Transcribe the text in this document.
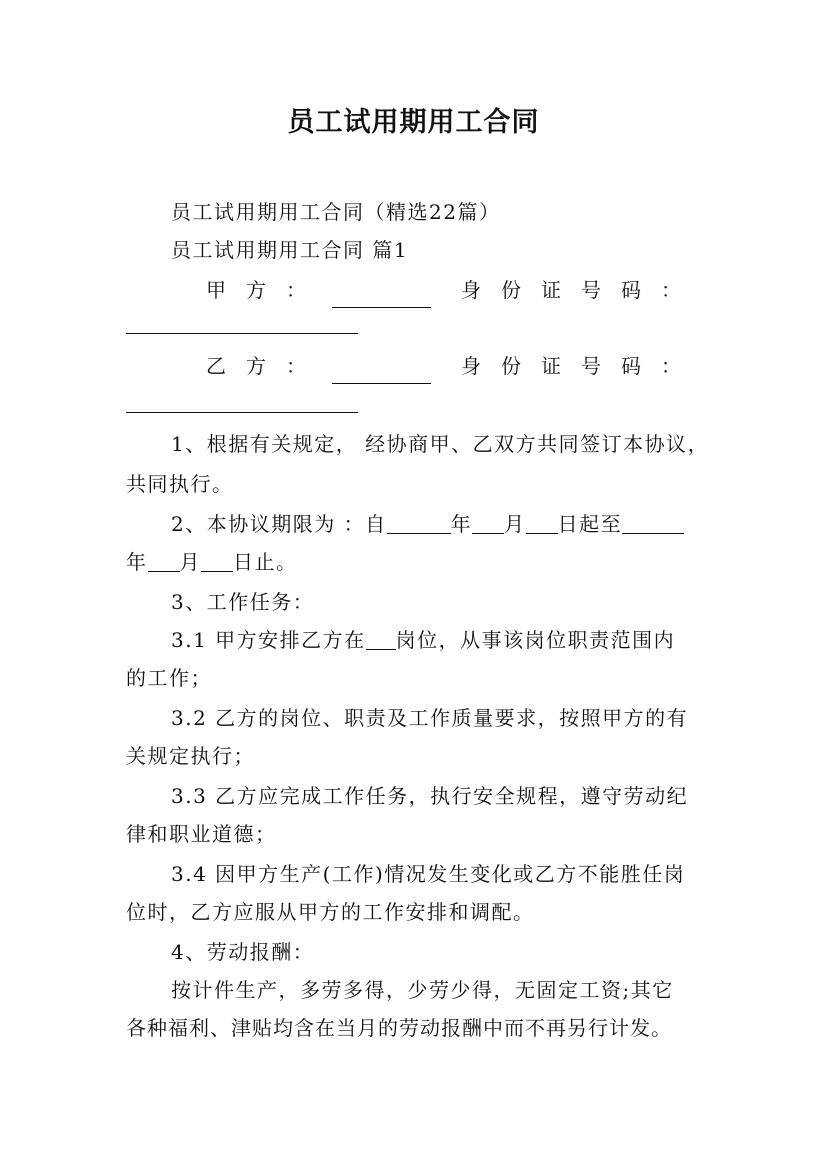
员工试用期用工合同
员工试用期用工合同（精选22篇）
员工试用期用工合同 篇1
甲方：	身份证号码：
乙方：	身份证号码：
1、根据有关规定， 经协商甲、乙双方共同签订本协议，
共同执行。
2、本协议期限为 ：自	年 月 日起至
年 月 日止。
3、工作任务：
3.1 甲方安排乙方在 岗位，从事该岗位职责范围内
的工作；
3.2 乙方的岗位、职责及工作质量要求，按照甲方的有
关规定执行；
3.3 乙方应完成工作任务，执行安全规程，遵守劳动纪
律和职业道德；
3.4 因甲方生产(工作)情况发生变化或乙方不能胜任岗
位时，乙方应服从甲方的工作安排和调配。
4、劳动报酬：
按计件生产，多劳多得，少劳少得，无固定工资;其它
各种福利、津贴均含在当月的劳动报酬中而不再另行计发。
